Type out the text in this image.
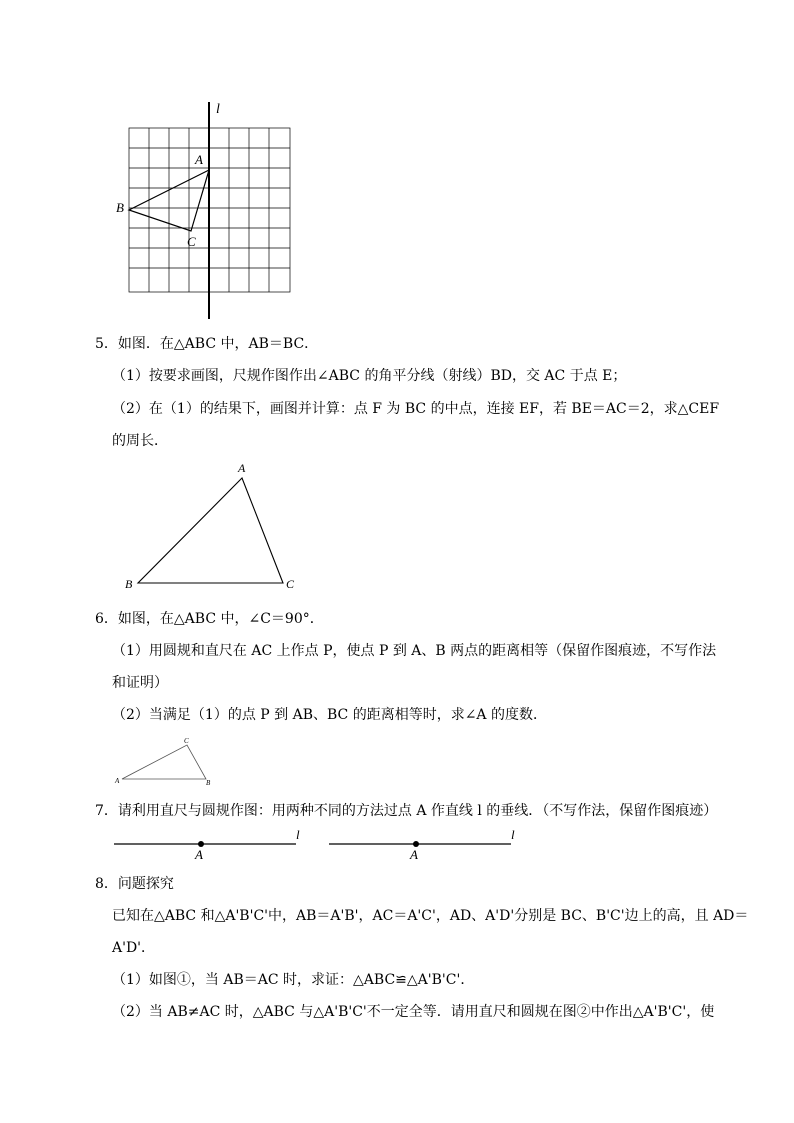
l
A
B
C
5．如图．在△ABC 中，AB＝BC．
（1）按要求画图，尺规作图作出∠ABC 的角平分线（射线）BD，交 AC 于点 E；
（2）在（1）的结果下，画图并计算：点 F 为 BC 的中点，连接 EF，若 BE＝AC＝2，求△CEF
的周长．
A
B	C
6．如图，在△ABC 中，∠C＝90°．
（1）用圆规和直尺在 AC 上作点 P，使点 P 到 A、B 两点的距离相等（保留作图痕迹，不写作法
和证明）
（2）当满足（1）的点 P 到 AB、BC 的距离相等时，求∠A 的度数．
A	B
C
7．请利用直尺与圆规作图：用两种不同的方法过点 A 作直线 l 的垂线．（不写作法，保留作图痕迹）
l
A
l
A
8．问题探究
已知在△ABC 和△A'B'C'中，AB＝A'B'，AC＝A'C'，AD、A'D'分别是 BC、B'C'边上的高，且 AD＝
A'D'．
（1）如图①，当 AB＝AC 时，求证：△ABC≌△A'B'C'．
（2）当 AB≠AC 时，△ABC 与△A'B'C'不一定全等．请用直尺和圆规在图②中作出△A'B'C'，使
